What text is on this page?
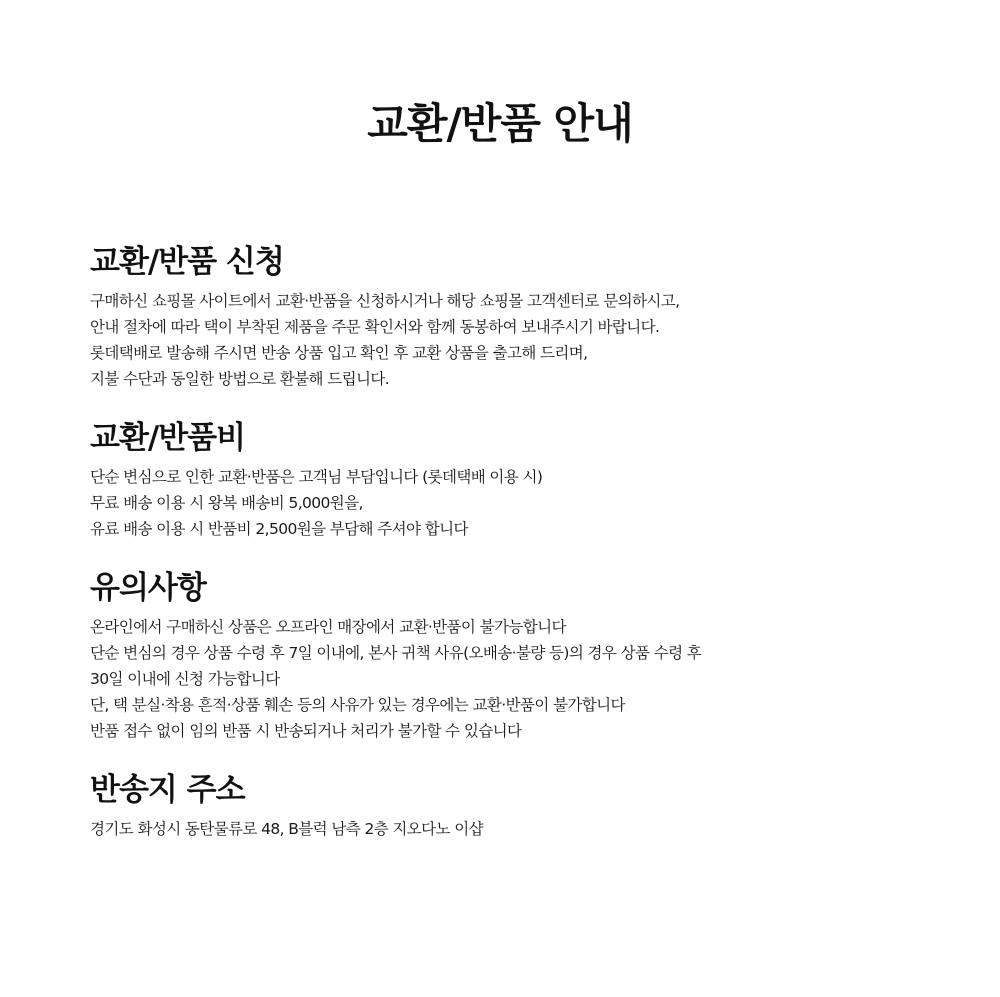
교환/반품 안내
교환/반품 신청
구매하신 쇼핑몰 사이트에서 교환·반품을 신청하시거나 해당 쇼핑몰 고객센터로 문의하시고,
안내 절차에 따라 택이 부착된 제품을 주문 확인서와 함께 동봉하여 보내주시기 바랍니다.
롯데택배로 발송해 주시면 반송 상품 입고 확인 후 교환 상품을 출고해 드리며,
지불 수단과 동일한 방법으로 환불해 드립니다.
교환/반품비
단순 변심으로 인한 교환·반품은 고객님 부담입니다 (롯데택배 이용 시)
무료 배송 이용 시 왕복 배송비 5,000원을,
유료 배송 이용 시 반품비 2,500원을 부담해 주셔야 합니다
유의사항
온라인에서 구매하신 상품은 오프라인 매장에서 교환·반품이 불가능합니다
단순 변심의 경우 상품 수령 후 7일 이내에, 본사 귀책 사유(오배송·불량 등)의 경우 상품 수령 후
30일 이내에 신청 가능합니다
단, 택 분실·착용 흔적·상품 훼손 등의 사유가 있는 경우에는 교환·반품이 불가합니다
반품 접수 없이 임의 반품 시 반송되거나 처리가 불가할 수 있습니다
반송지 주소
경기도 화성시 동탄물류로 48, B블럭 남측 2층 지오다노 이샵
